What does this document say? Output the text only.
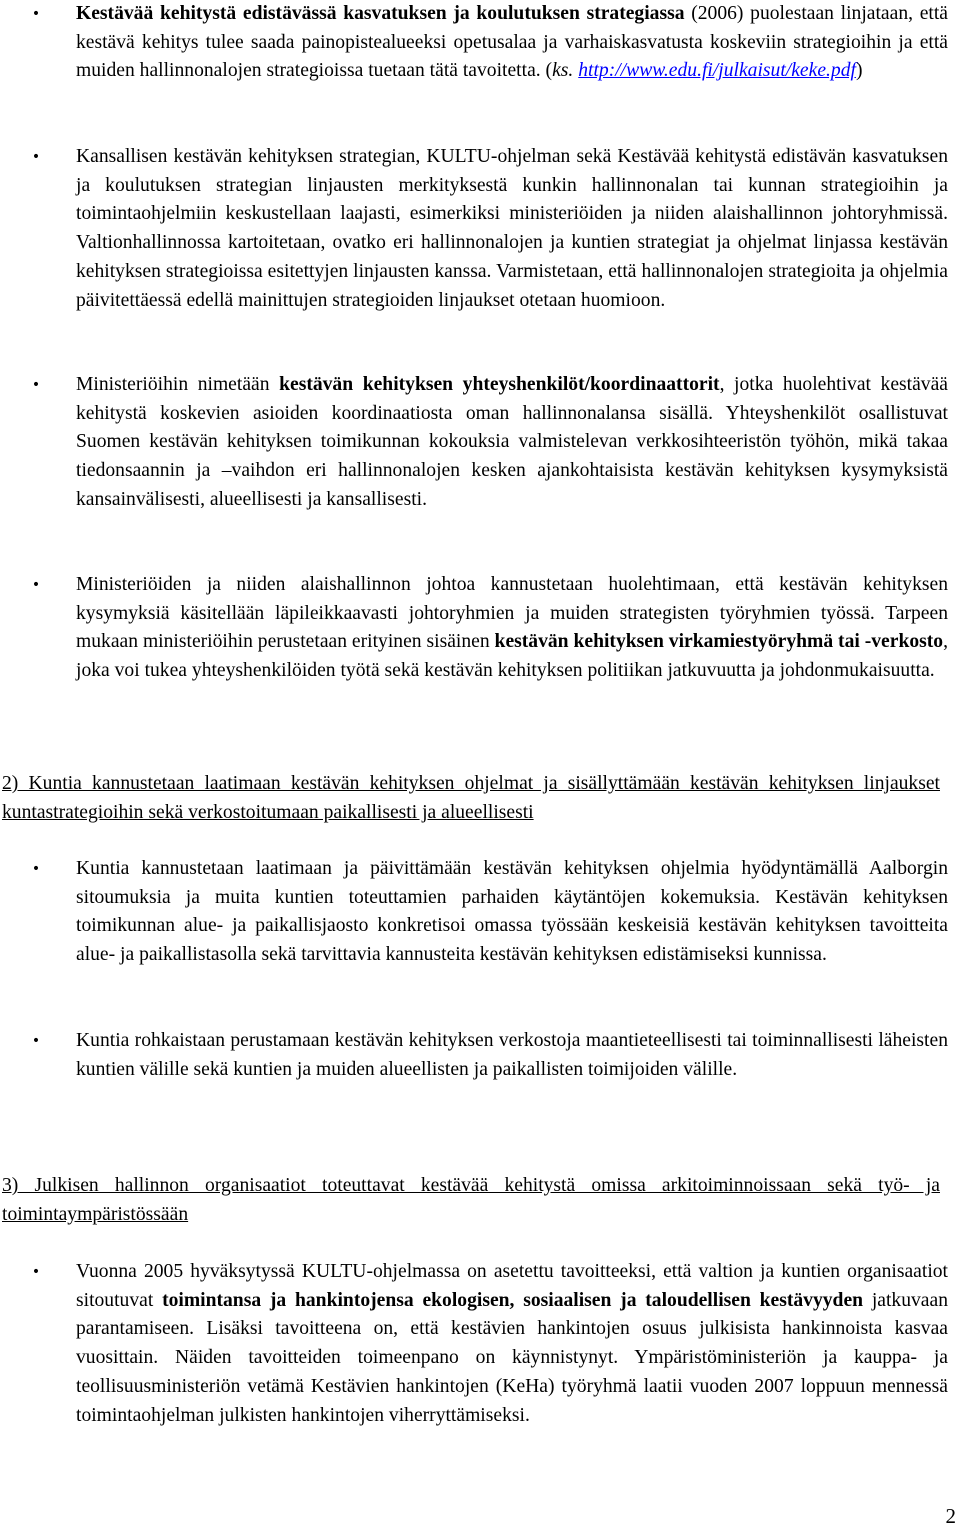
• Kestävää kehitystä edistävässä kasvatuksen ja koulutuksen strategiassa (2006) puolestaan linjataan, että kestävä kehitys tulee saada painopistealueeksi opetusalaa ja varhaiskasvatusta koskeviin strategioihin ja että muiden hallinnonalojen strategioissa tuetaan tätä tavoitetta. (ks. http://www.edu.fi/julkaisut/keke.pdf)
• Kansallisen kestävän kehityksen strategian, KULTU-ohjelman sekä Kestävää kehitystä edistävän kasvatuksen ja koulutuksen strategian linjausten merkityksestä kunkin hallinnonalan tai kunnan strategioihin ja toimintaohjelmiin keskustellaan laajasti, esimerkiksi ministeriöiden ja niiden alaishallinnon johtoryhmissä. Valtionhallinnossa kartoitetaan, ovatko eri hallinnonalojen ja kuntien strategiat ja ohjelmat linjassa kestävän kehityksen strategioissa esitettyjen linjausten kanssa. Varmistetaan, että hallinnonalojen strategioita ja ohjelmia päivitettäessä edellä mainittujen strategioiden linjaukset otetaan huomioon.
• Ministeriöihin nimetään kestävän kehityksen yhteyshenkilöt/koordinaattorit, jotka huolehtivat kestävää kehitystä koskevien asioiden koordinaatiosta oman hallinnonalansa sisällä. Yhteyshenkilöt osallistuvat Suomen kestävän kehityksen toimikunnan kokouksia valmistelevan verkkosihteeristön työhön, mikä takaa tiedonsaannin ja –vaihdon eri hallinnonalojen kesken ajankohtaisista kestävän kehityksen kysymyksistä kansainvälisesti, alueellisesti ja kansallisesti.
• Ministeriöiden ja niiden alaishallinnon johtoa kannustetaan huolehtimaan, että kestävän kehityksen kysymyksiä käsitellään läpileikkaavasti johtoryhmien ja muiden strategisten työryhmien työssä. Tarpeen mukaan ministeriöihin perustetaan erityinen sisäinen kestävän kehityksen virkamiestyöryhmä tai -verkosto, joka voi tukea yhteyshenkilöiden työtä sekä kestävän kehityksen politiikan jatkuvuutta ja johdonmukaisuutta.

2) Kuntia kannustetaan laatimaan kestävän kehityksen ohjelmat ja sisällyttämään kestävän kehityksen linjaukset kuntastrategioihin sekä verkostoitumaan paikallisesti ja alueellisesti

• Kuntia kannustetaan laatimaan ja päivittämään kestävän kehityksen ohjelmia hyödyntämällä Aalborgin sitoumuksia ja muita kuntien toteuttamien parhaiden käytäntöjen kokemuksia. Kestävän kehityksen toimikunnan alue- ja paikallisjaosto konkretisoi omassa työssään keskeisiä kestävän kehityksen tavoitteita alue- ja paikallistasolla sekä tarvittavia kannusteita kestävän kehityksen edistämiseksi kunnissa.
• Kuntia rohkaistaan perustamaan kestävän kehityksen verkostoja maantieteellisesti tai toiminnallisesti läheisten kuntien välille sekä kuntien ja muiden alueellisten ja paikallisten toimijoiden välille.

3) Julkisen hallinnon organisaatiot toteuttavat kestävää kehitystä omissa arkitoiminnoissaan sekä työ- ja toimintaympäristössään

• Vuonna 2005 hyväksytyssä KULTU-ohjelmassa on asetettu tavoitteeksi, että valtion ja kuntien organisaatiot sitoutuvat toimintansa ja hankintojensa ekologisen, sosiaalisen ja taloudellisen kestävyyden jatkuvaan parantamiseen. Lisäksi tavoitteena on, että kestävien hankintojen osuus julkisista hankinnoista kasvaa vuosittain. Näiden tavoitteiden toimeenpano on käynnistynyt. Ympäristöministeriön ja kauppa- ja teollisuusministeriön vetämä Kestävien hankintojen (KeHa) työryhmä laatii vuoden 2007 loppuun mennessä toimintaohjelman julkisten hankintojen viherryttämiseksi.
2
